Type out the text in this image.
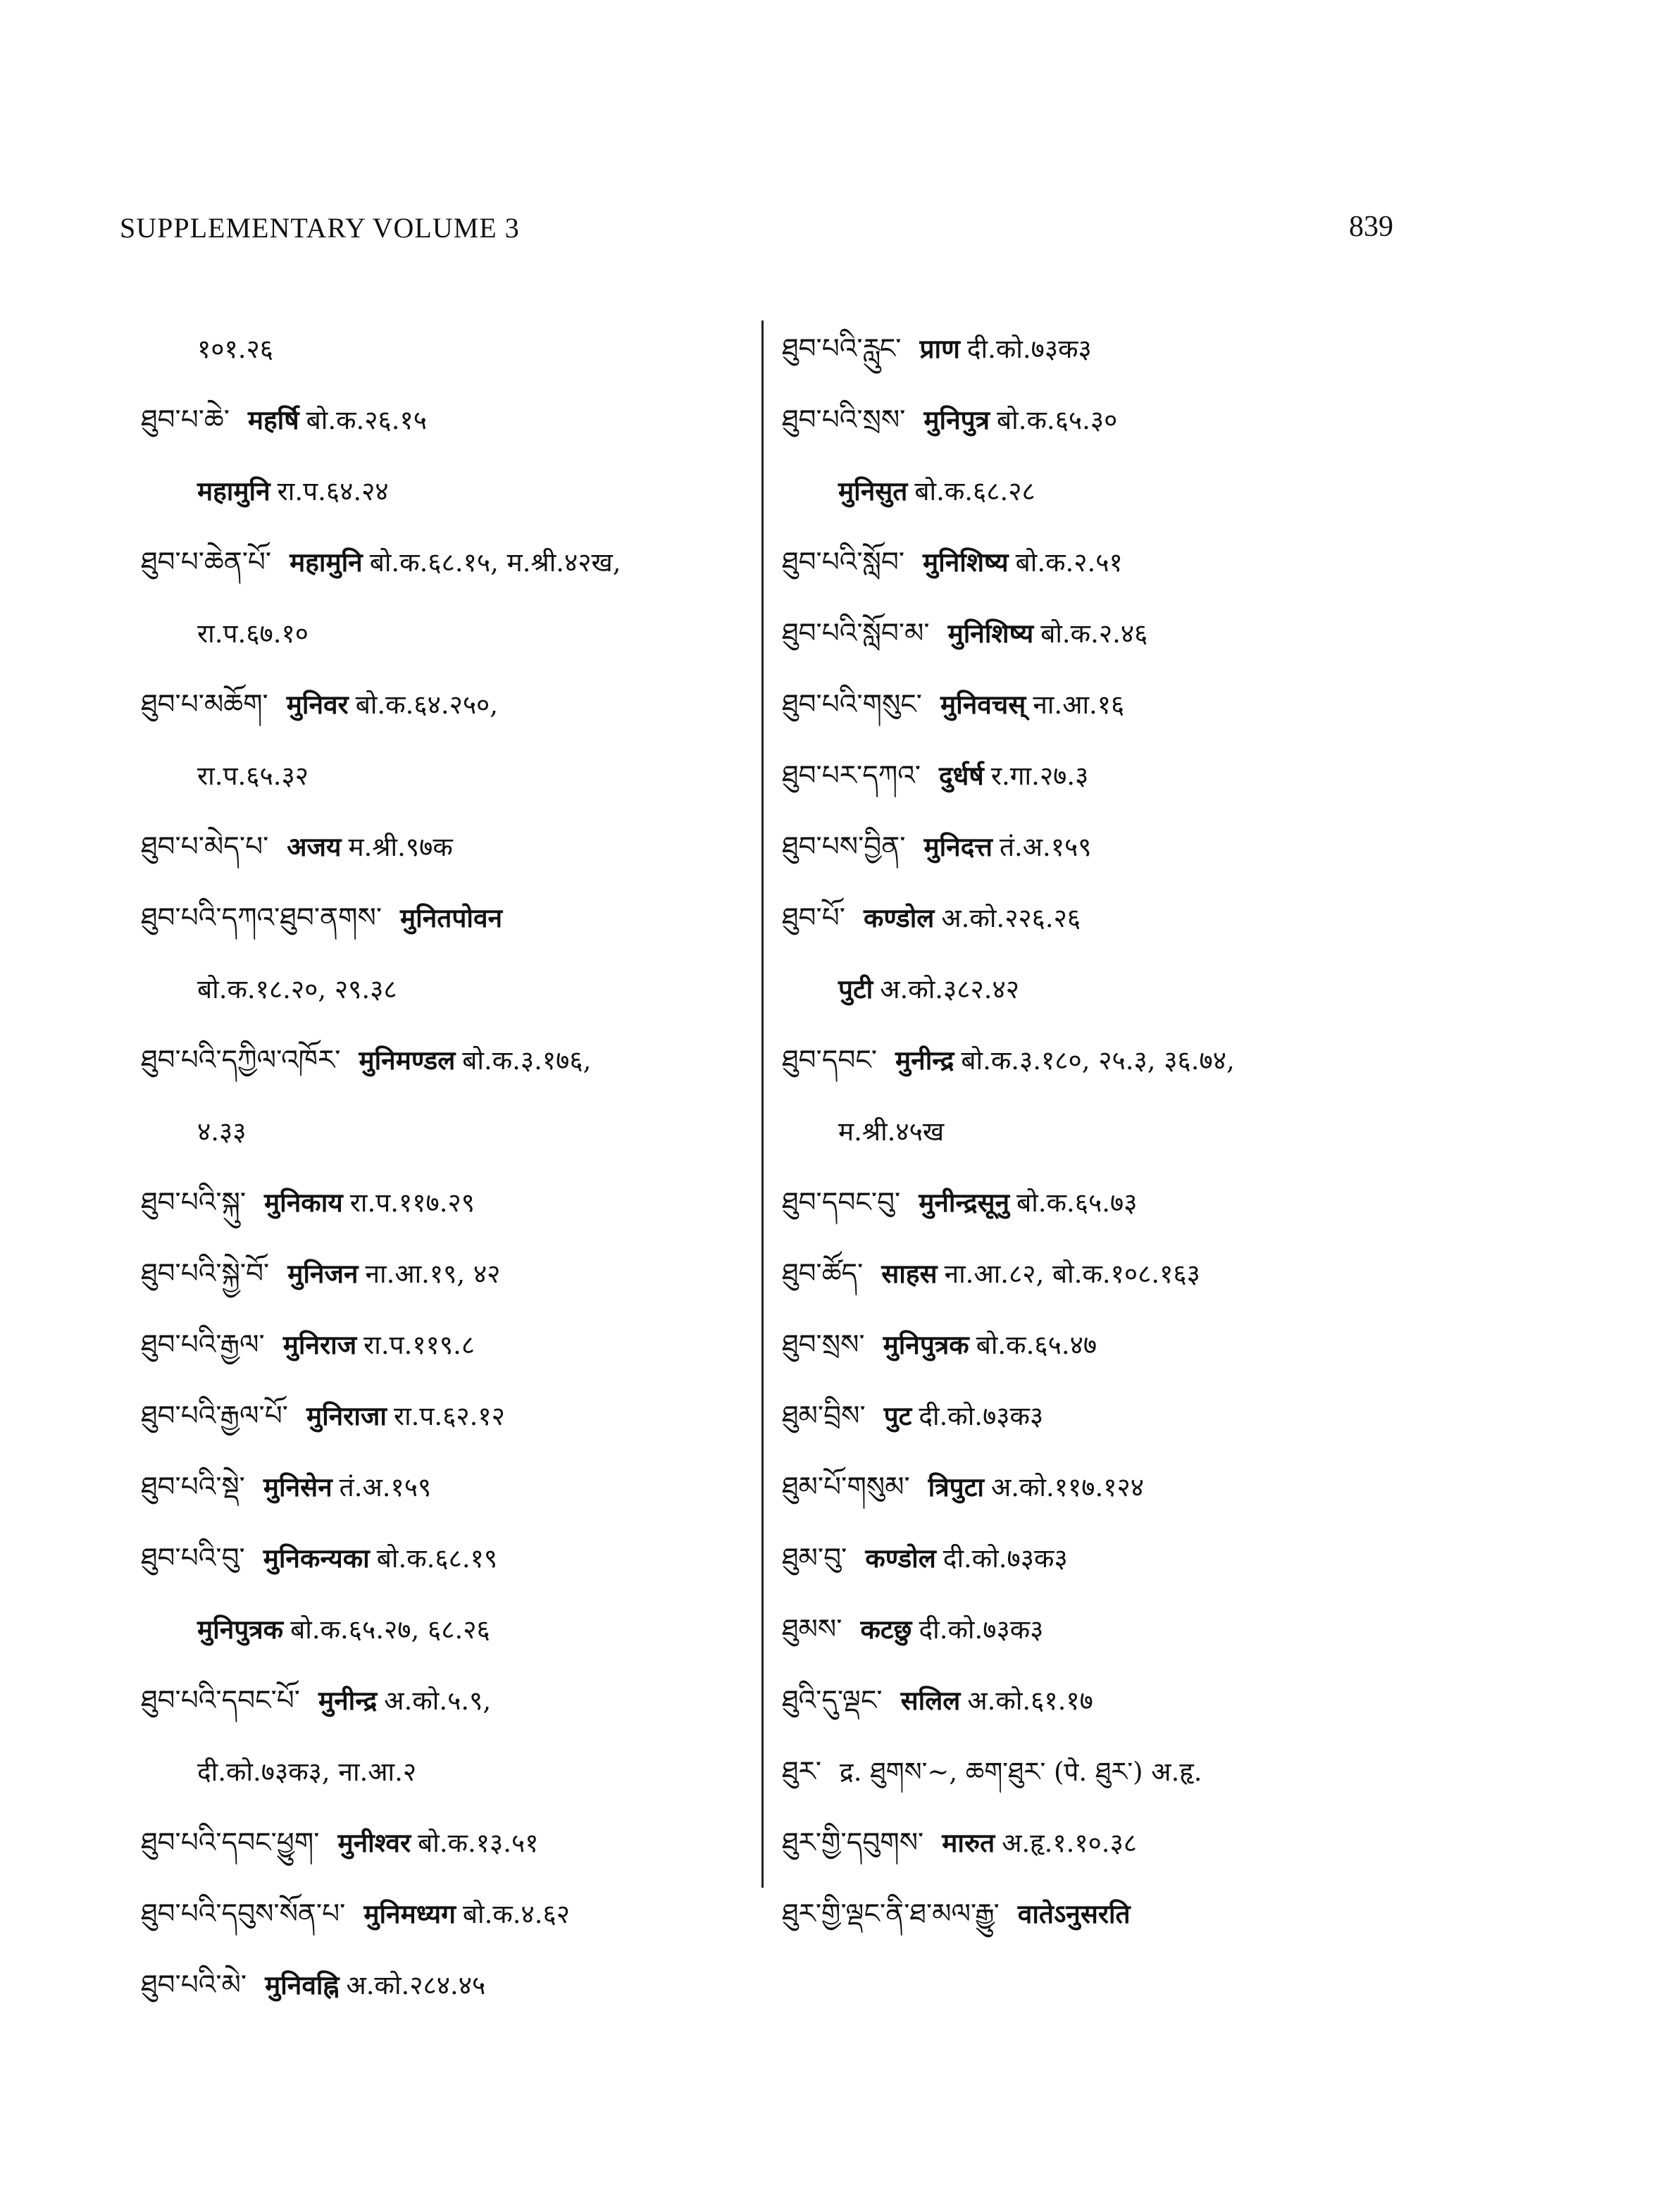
SUPPLEMENTARY VOLUME 3	839
१०१.२६
ཐུབ་པ་ཆེ་ महर्षि बो.क.२६.१५
महामुनि रा.प.६४.२४
ཐུབ་པ་ཆེན་པོ་ महामुनि बो.क.६८.१५, म.श्री.४२ख,
रा.प.६७.१०
ཐུབ་པ་མཆོག་ मुनिवर बो.क.६४.२५०,
रा.प.६५.३२
ཐུབ་པ་མེད་པ་ अजय म.श्री.९७क
ཐུབ་པའི་དཀའ་ཐུབ་ནགས་ मुनितपोवन
बो.क.१८.२०, २९.३८
ཐུབ་པའི་དཀྱིལ་འཁོར་ मुनिमण्डल बो.क.३.१७६,
४.३३
ཐུབ་པའི་སྐུ་ मुनिकाय रा.प.११७.२९
ཐུབ་པའི་སྐྱེ་བོ་ मुनिजन ना.आ.१९, ४२
ཐུབ་པའི་རྒྱལ་ मुनिराज रा.प.११९.८
ཐུབ་པའི་རྒྱལ་པོ་ मुनिराजा रा.प.६२.१२
ཐུབ་པའི་སྡེ་ मुनिसेन तं.अ.१५९
ཐུབ་པའི་བུ་ मुनिकन्यका बो.क.६८.१९
मुनिपुत्रक बो.क.६५.२७, ६८.२६
ཐུབ་པའི་དབང་པོ་ मुनीन्द्र अ.को.५.९,
दी.को.७३क३, ना.आ.२
ཐུབ་པའི་དབང་ཕྱུག་ मुनीश्वर बो.क.१३.५१
ཐུབ་པའི་དབུས་སོན་པ་ मुनिमध्यग बो.क.४.६२
ཐུབ་པའི་མེ་ मुनिवह्नि अ.को.२८४.४५
ཐུབ་པའི་རླུང་ प्राण दी.को.७३क३
ཐུབ་པའི་སྲས་ मुनिपुत्र बो.क.६५.३०
मुनिसुत बो.क.६८.२८
ཐུབ་པའི་སློབ་ मुनिशिष्य बो.क.२.५१
ཐུབ་པའི་སློབ་མ་ मुनिशिष्य बो.क.२.४६
ཐུབ་པའི་གསུང་ मुनिवचस् ना.आ.१६
ཐུབ་པར་དཀའ་ दुर्धर्ष र.गा.२७.३
ཐུབ་པས་བྱིན་ मुनिदत्त तं.अ.१५९
ཐུབ་པོ་ कण्डोल अ.को.२२६.२६
पुटी अ.को.३८२.४२
ཐུབ་དབང་ मुनीन्द्र बो.क.३.१८०, २५.३, ३६.७४,
म.श्री.४५ख
ཐུབ་དབང་བུ་ मुनीन्द्रसूनु बो.क.६५.७३
ཐུབ་ཚོད་ साहस ना.आ.८२, बो.क.१०८.१६३
ཐུབ་སྲས་ मुनिपुत्रक बो.क.६५.४७
ཐུམ་བྲིས་ पुट दी.को.७३क३
ཐུམ་པོ་གསུམ་ त्रिपुटा अ.को.११७.१२४
ཐུམ་བུ་ कण्डोल दी.को.७३क३
ཐུམས་ कटछु दी.को.७३क३
ཐུའི་དུ་ལྡང་ सलिल अ.को.६१.१७
ཐུར་ द्र. ཐུགས་~, ཆག་ཐུར་ (पे. ཐུར་) अ.हृ.
ཐུར་གྱི་དབུགས་ मारुत अ.हृ.१.१०.३८
ཐུར་གྱི་ལྡང་ནི་ཐ་མལ་རྒྱུ་ वातेऽनुसरति
